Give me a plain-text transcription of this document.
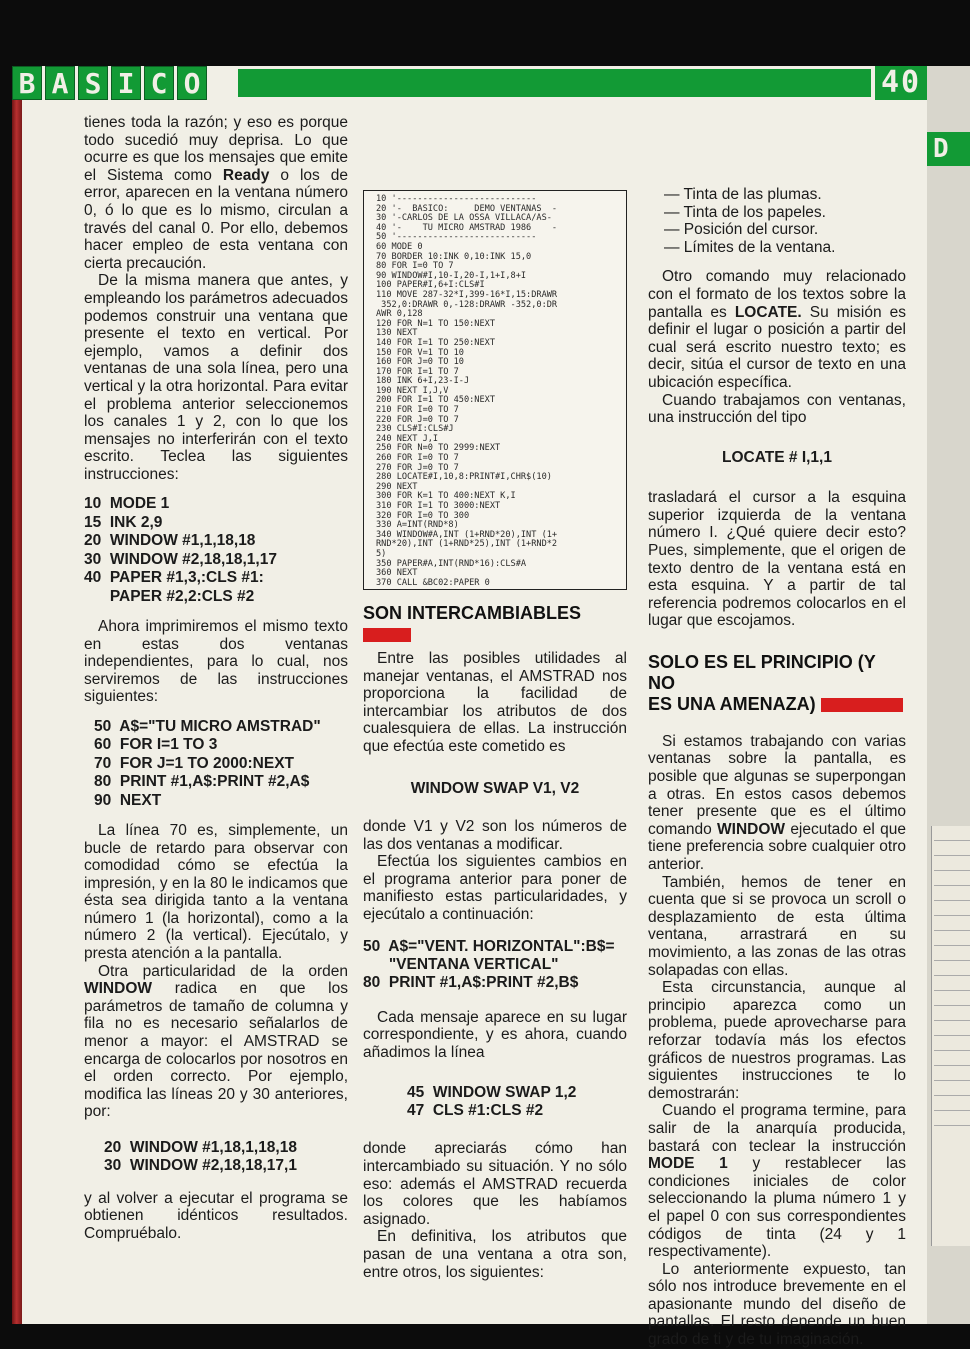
D
B A S I C O	40

tienes toda la razón; y eso es porque todo sucedió muy deprisa. Lo que ocurre es que los mensajes que emite el Sistema como Ready o los de error, aparecen en la ventana número 0, ó lo que es lo mismo, circulan a través del canal 0. Por ello, debemos hacer empleo de esta ventana con cierta precaución.

De la misma manera que antes, y empleando los parámetros adecuados podemos construir una ventana que presente el texto en vertical. Por ejemplo, vamos a definir dos ventanas de una sola línea, pero una vertical y la otra horizontal. Para evitar el problema anterior seleccionemos los canales 1 y 2, con lo que los mensajes no interferirán con el texto escrito. Teclea las siguientes instrucciones:

10  MODE 1
15  INK 2,9
20  WINDOW #1,1,18,18
30  WINDOW #2,18,18,1,17
40  PAPER #1,3,:CLS #1:
PAPER #2,2:CLS #2

Ahora imprimiremos el mismo texto en estas dos ventanas independientes, para lo cual, nos serviremos de las instrucciones siguientes:

50  A$="TU MICRO AMSTRAD"
60  FOR I=1 TO 3
70  FOR J=1 TO 2000:NEXT
80  PRINT #1,A$:PRINT #2,A$
90  NEXT

La línea 70 es, simplemente, un bucle de retardo para observar con comodidad cómo se efectúa la impresión, y en la 80 le indicamos que ésta sea dirigida tanto a la ventana número 1 (la horizontal), como a la número 2 (la vertical). Ejecútalo, y presta atención a la pantalla.

Otra particularidad de la orden WINDOW radica en que los parámetros de tamaño de columna y fila no es necesario señalarlos de menor a mayor: el AMSTRAD se encarga de colocarlos por nosotros en el orden correcto. Por ejemplo, modifica las líneas 20 y 30 anteriores, por:

20  WINDOW #1,18,1,18,18
30  WINDOW #2,18,18,17,1

y al volver a ejecutar el programa se obtienen idénticos resultados. Compruébalo.

10 '---------------------------
20 '-  BASICO:     DEMO VENTANAS  -
30 '-CARLOS DE LA OSSA VILLACA/AS-
40 '-    TU MICRO AMSTRAD 1986    -
50 '---------------------------
60 MODE 0
70 BORDER 10:INK 0,10:INK 15,0
80 FOR I=0 TO 7
90 WINDOW#I,10-I,20-I,1+I,8+I
100 PAPER#I,6+I:CLS#I
110 MOVE 287-32*I,399-16*I,15:DRAWR
352,0:DRAWR 0,-128:DRAWR -352,0:DR
AWR 0,128
120 FOR N=1 TO 150:NEXT
130 NEXT
140 FOR I=1 TO 250:NEXT
150 FOR V=1 TO 10
160 FOR J=0 TO 10
170 FOR I=1 TO 7
180 INK 6+I,23-I-J
190 NEXT I,J,V
200 FOR I=1 TO 450:NEXT
210 FOR I=0 TO 7
220 FOR J=0 TO 7
230 CLS#I:CLS#J
240 NEXT J,I
250 FOR N=0 TO 2999:NEXT
260 FOR I=0 TO 7
270 FOR J=0 TO 7
280 LOCATE#I,10,8:PRINT#I,CHR$(10)
290 NEXT
300 FOR K=1 TO 400:NEXT K,I
310 FOR I=1 TO 3000:NEXT
320 FOR I=0 TO 300
330 A=INT(RND*8)
340 WINDOW#A,INT (1+RND*20),INT (1+
RND*20),INT (1+RND*25),INT (1+RND*2
5)
350 PAPER#A,INT(RND*16):CLS#A
360 NEXT
370 CALL &BC02:PAPER 0
SON INTERCAMBIABLES

Entre las posibles utilidades al manejar ventanas, el AMSTRAD nos proporciona la facilidad de intercambiar los atributos de dos cualesquiera de ellas. La instrucción que efectúa este cometido es

WINDOW SWAP V1, V2

donde V1 y V2 son los números de las dos ventanas a modificar.

Efectúa los siguientes cambios en el programa anterior para poner de manifiesto estas particularidades, y ejecútalo a continuación:

50  A$="VENT. HORIZONTAL":B$=
"VENTANA VERTICAL"
80  PRINT #1,A$:PRINT #2,B$

Cada mensaje aparece en su lugar correspondiente, y es ahora, cuando añadimos la línea

45  WINDOW SWAP 1,2
47  CLS #1:CLS #2

donde apreciarás cómo han intercambiado su situación. Y no sólo eso: además el AMSTRAD recuerda los colores que les habíamos asignado.

En definitiva, los atributos que pasan de una ventana a otra son, entre otros, los siguientes:

— Tinta de las plumas.

— Tinta de los papeles.

— Posición del cursor.

— Límites de la ventana.

Otro comando muy relacionado con el formato de los textos sobre la pantalla es LOCATE. Su misión es definir el lugar o posición a partir del cual será escrito nuestro texto; es decir, sitúa el cursor de texto en una ubicación específica.

Cuando trabajamos con ventanas, una instrucción del tipo

LOCATE # I,1,1

trasladará el cursor a la esquina superior izquierda de la ventana número I. ¿Qué quiere decir esto? Pues, simplemente, que el origen de texto dentro de la ventana está en esta esquina. Y a partir de tal referencia podremos colocarlos en el lugar que escojamos.

SOLO ES EL PRINCIPIO (Y NO
ES UNA AMENAZA)

Si estamos trabajando con varias ventanas sobre la pantalla, es posible que algunas se superpongan a otras. En estos casos debemos tener presente que es el último comando WINDOW ejecutado el que tiene preferencia sobre cualquier otro anterior.

También, hemos de tener en cuenta que si se provoca un scroll o desplazamiento de esta última ventana, arrastrará en su movimiento, a las zonas de las otras solapadas con ellas.

Esta circunstancia, aunque al principio aparezca como un problema, puede aprovecharse para reforzar todavía más los efectos gráficos de nuestros programas. Las siguientes instrucciones te lo demostrarán:

Cuando el programa termine, para salir de la anarquía producida, bastará con teclear la instrucción MODE 1 y restablecer las condiciones iniciales de color seleccionando la pluma número 1 y el papel 0 con sus correspondientes códigos de tinta (24 y 1 respectivamente).

Lo anteriormente expuesto, tan sólo nos introduce brevemente en el apasionante mundo del diseño de pantallas. El resto depende un buen grado de ti y de tu imaginación.
